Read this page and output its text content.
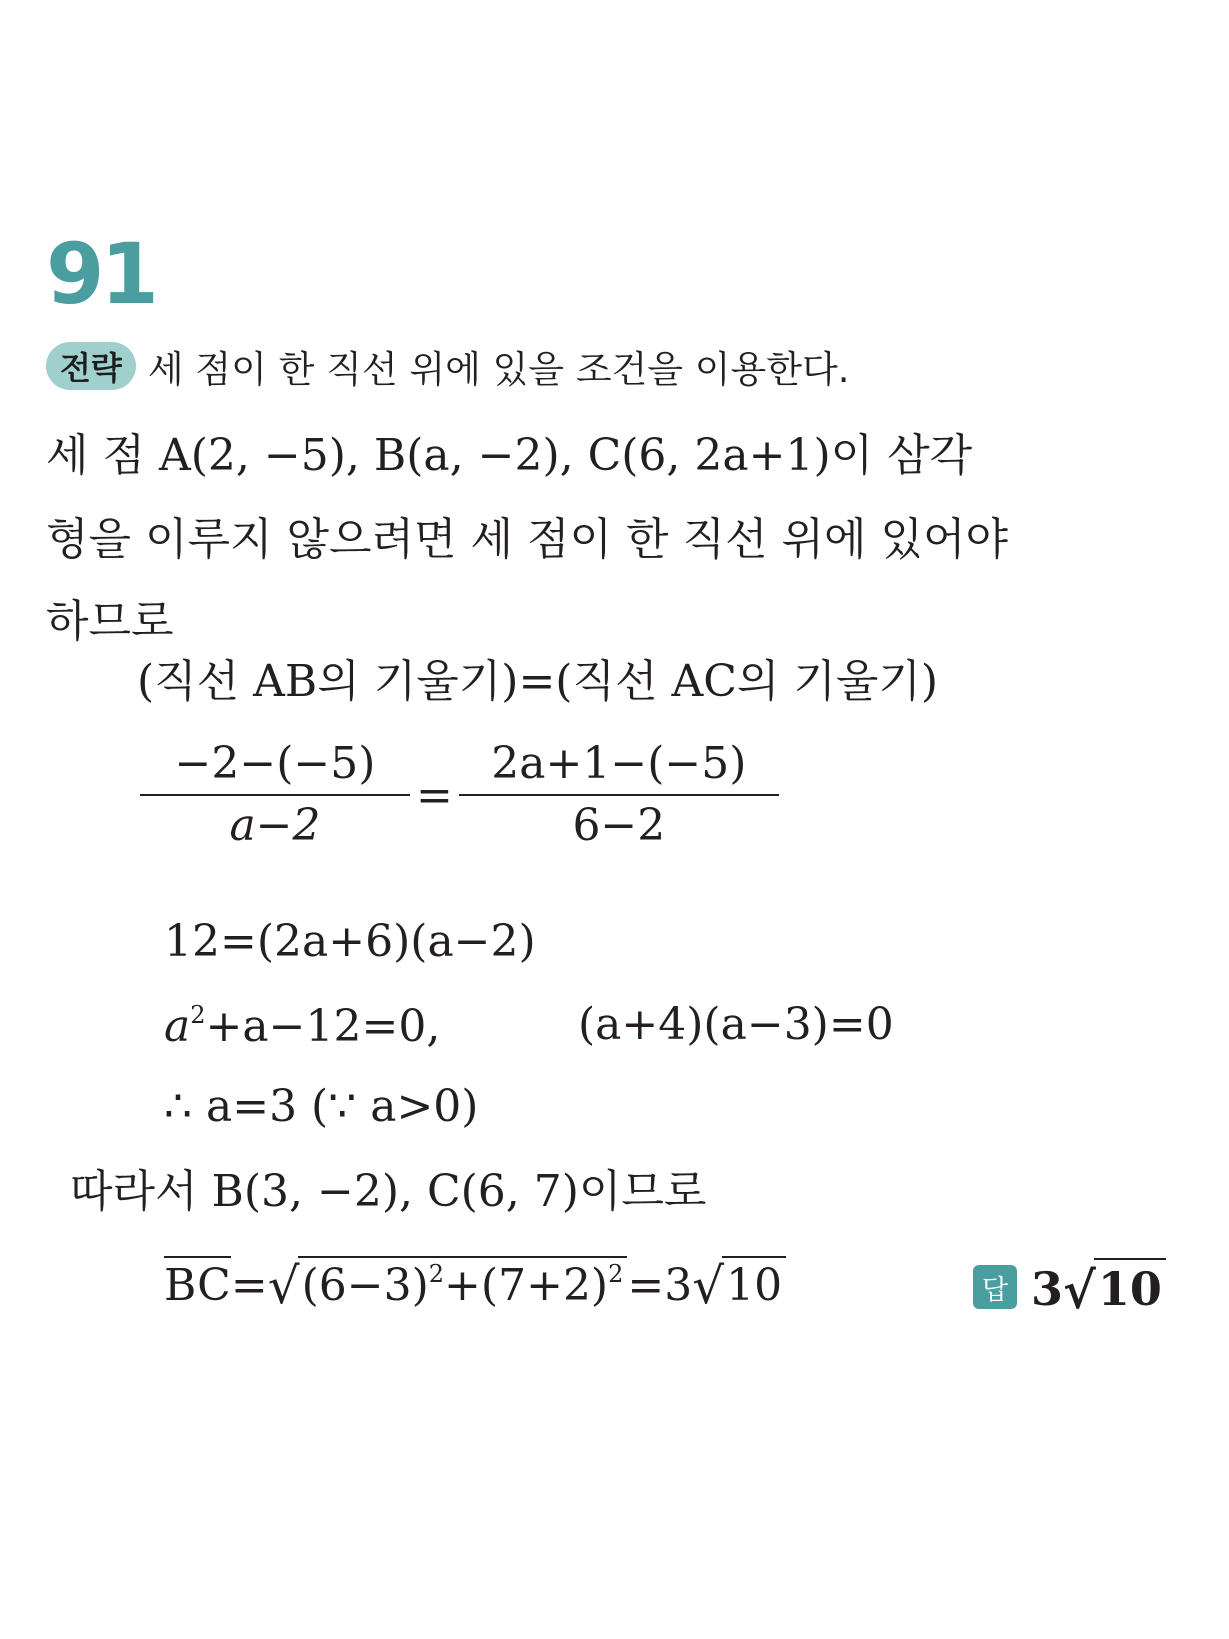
91
전략 세 점이 한 직선 위에 있을 조건을 이용한다.
세 점 A(2, −5), B(a, −2), C(6, 2a+1)이 삼각
형을 이루지 않으려면 세 점이 한 직선 위에 있어야
하므로
(직선 AB의 기울기)=(직선 AC의 기울기)
$\frac{-2-(-5)}{a-2} = \frac{2a+1-(-5)}{6-2}$
12=(2a+6)(a−2)
$a^2+a-12=0$,	(a+4)(a−3)=0
∴ a=3 (∵ a>0)
따라서 B(3, −2), C(6, 7)이므로
BC = √ $(6-3)^2+(7+2)^2 =3$ √ 10	답 3 √ 10
